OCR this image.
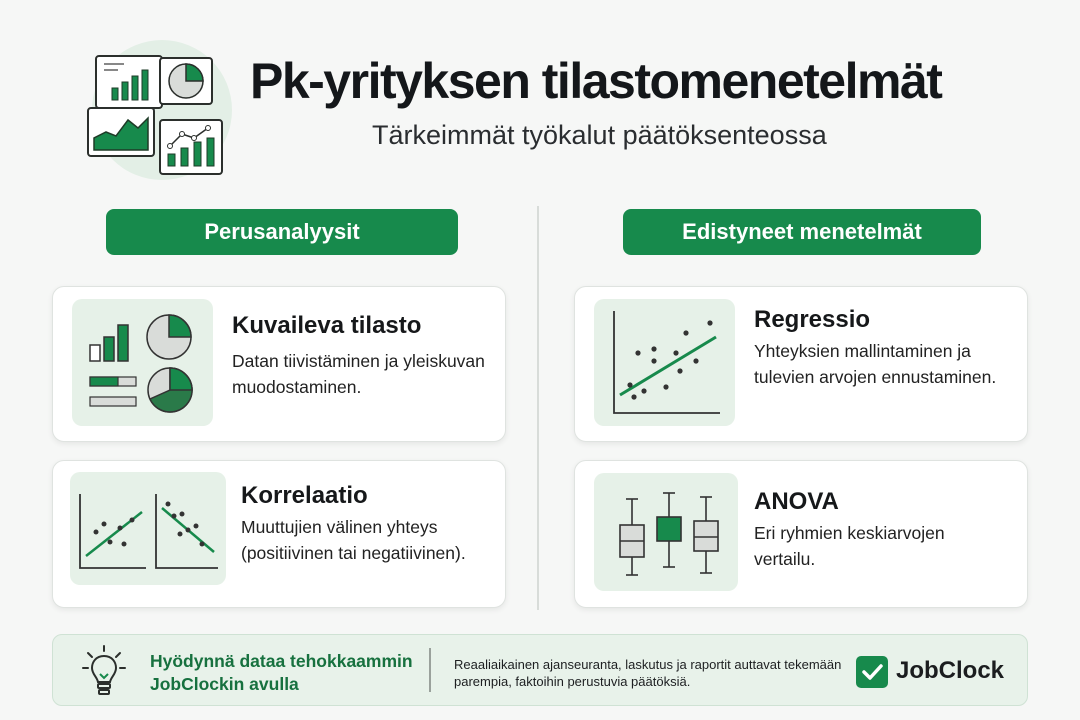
Pk-yrityksen tilastomenetelmät
Tärkeimmät työkalut päätöksenteossa
Perusanalyysit	Edistyneet menetelmät
Kuvaileva tilasto
Datan tiivistäminen ja yleiskuvan muodostaminen.
Korrelaatio
Muuttujien välinen yhteys (positiivinen tai negatiivinen).
Regressio
Yhteyksien mallintaminen ja tulevien arvojen ennustaminen.
ANOVA
Eri ryhmien keskiarvojen vertailu.
Hyödynnä dataa tehokkaammin JobClockin avulla
Reaaliaikainen ajanseuranta, laskutus ja raportit auttavat tekemään parempia, faktoihin perustuvia päätöksiä.	JobClock
